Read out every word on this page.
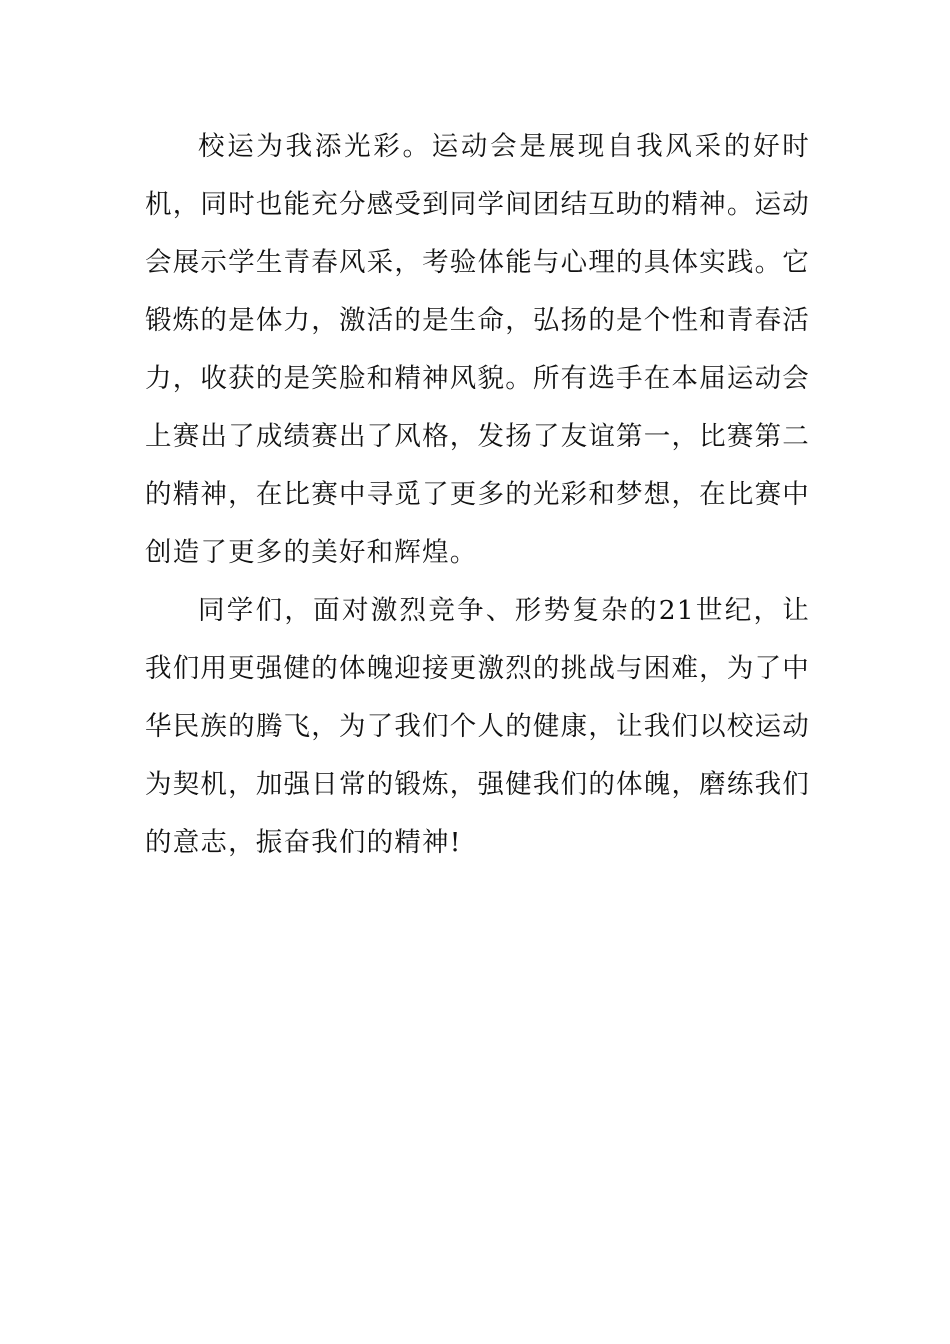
校运为我添光彩。运动会是展现自我风采的好时机，同时也能充分感受到同学间团结互助的精神。运动会展示学生青春风采，考验体能与心理的具体实践。它锻炼的是体力，激活的是生命，弘扬的是个性和青春活力，收获的是笑脸和精神风貌。所有选手在本届运动会上赛出了成绩赛出了风格，发扬了友谊第一，比赛第二的精神，在比赛中寻觅了更多的光彩和梦想，在比赛中创造了更多的美好和辉煌。

同学们，面对激烈竞争、形势复杂的21世纪，让我们用更强健的体魄迎接更激烈的挑战与困难，为了中华民族的腾飞，为了我们个人的健康，让我们以校运动为契机，加强日常的锻炼，强健我们的体魄，磨练我们的意志，振奋我们的精神!
